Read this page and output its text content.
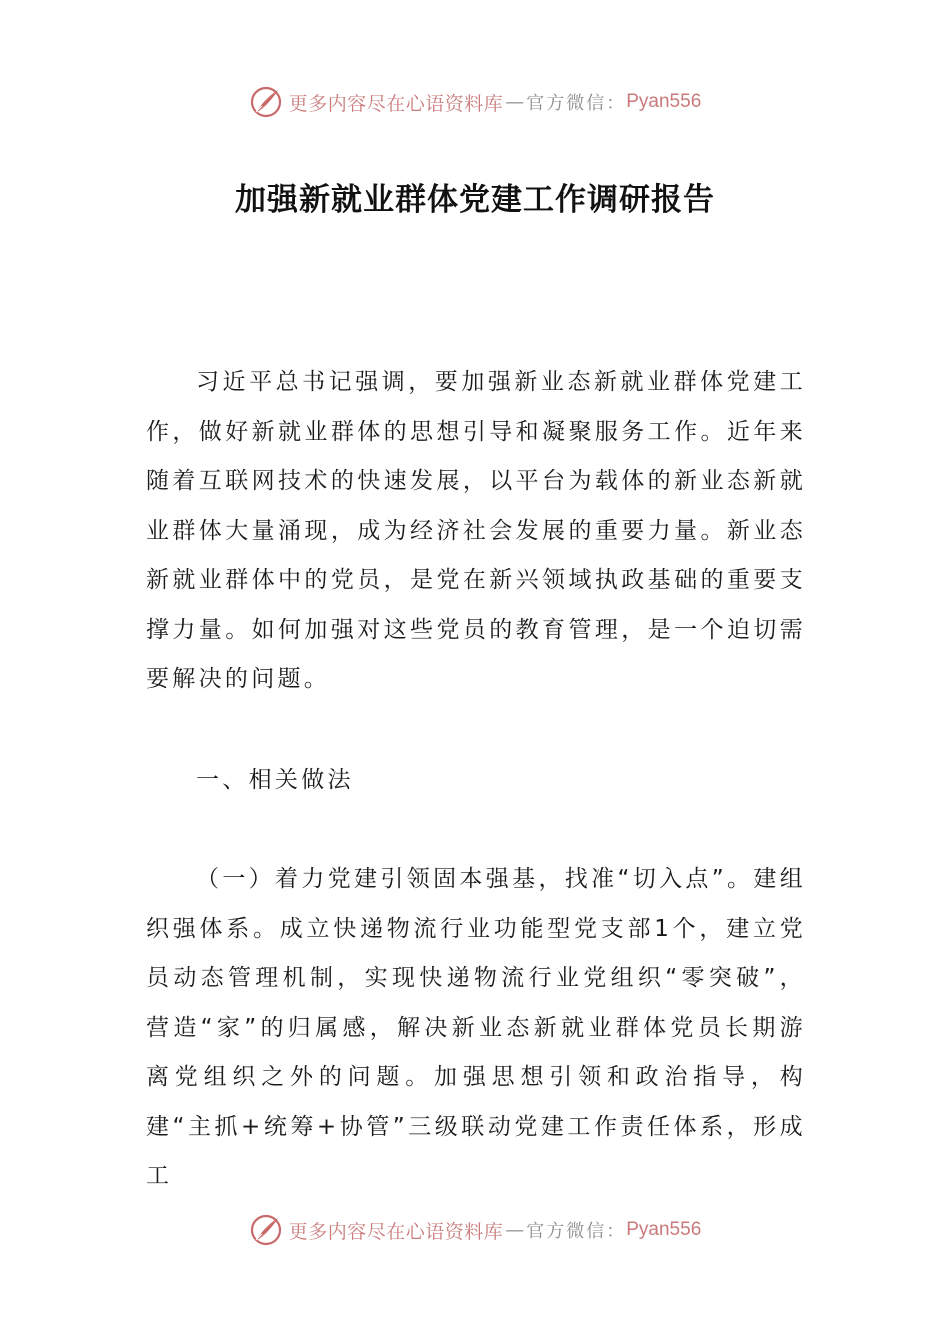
更多内容尽在心语资料库 — 官方微信： Pyan556
加强新就业群体党建工作调研报告

习近平总书记强调，要加强新业态新就业群体党建工作，做好新就业群体的思想引导和凝聚服务工作。近年来随着互联网技术的快速发展，以平台为载体的新业态新就业群体大量涌现，成为经济社会发展的重要力量。新业态新就业群体中的党员，是党在新兴领域执政基础的重要支撑力量。如何加强对这些党员的教育管理，是一个迫切需要解决的问题。

一、相关做法

（一）着力党建引领固本强基，找准“切入点”。建组织强体系。成立快递物流行业功能型党支部1个，建立党员动态管理机制，实现快递物流行业党组织“零突破”，营造“家”的归属感，解决新业态新就业群体党员长期游离党组织之外的问题。加强思想引领和政治指导，构建“主抓+统筹+协管”三级联动党建工作责任体系，形成工

更多内容尽在心语资料库 — 官方微信： Pyan556
